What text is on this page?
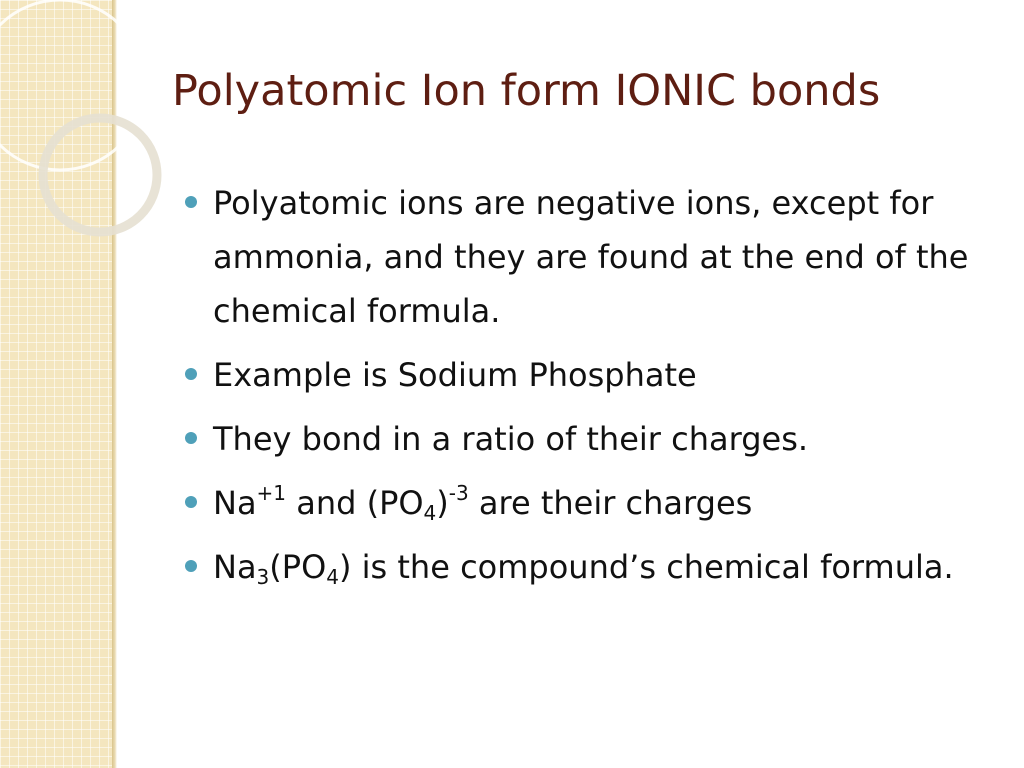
Polyatomic Ion form IONIC bonds
Polyatomic ions are negative ions, except for ammonia, and they are found at the end of the chemical formula.
Example is Sodium Phosphate
They bond in a ratio of their charges.
$Na^{+1}$ and $(PO_4)^{-3}$ are their charges
$Na_3(PO_4)$ is the compound’s chemical formula.
